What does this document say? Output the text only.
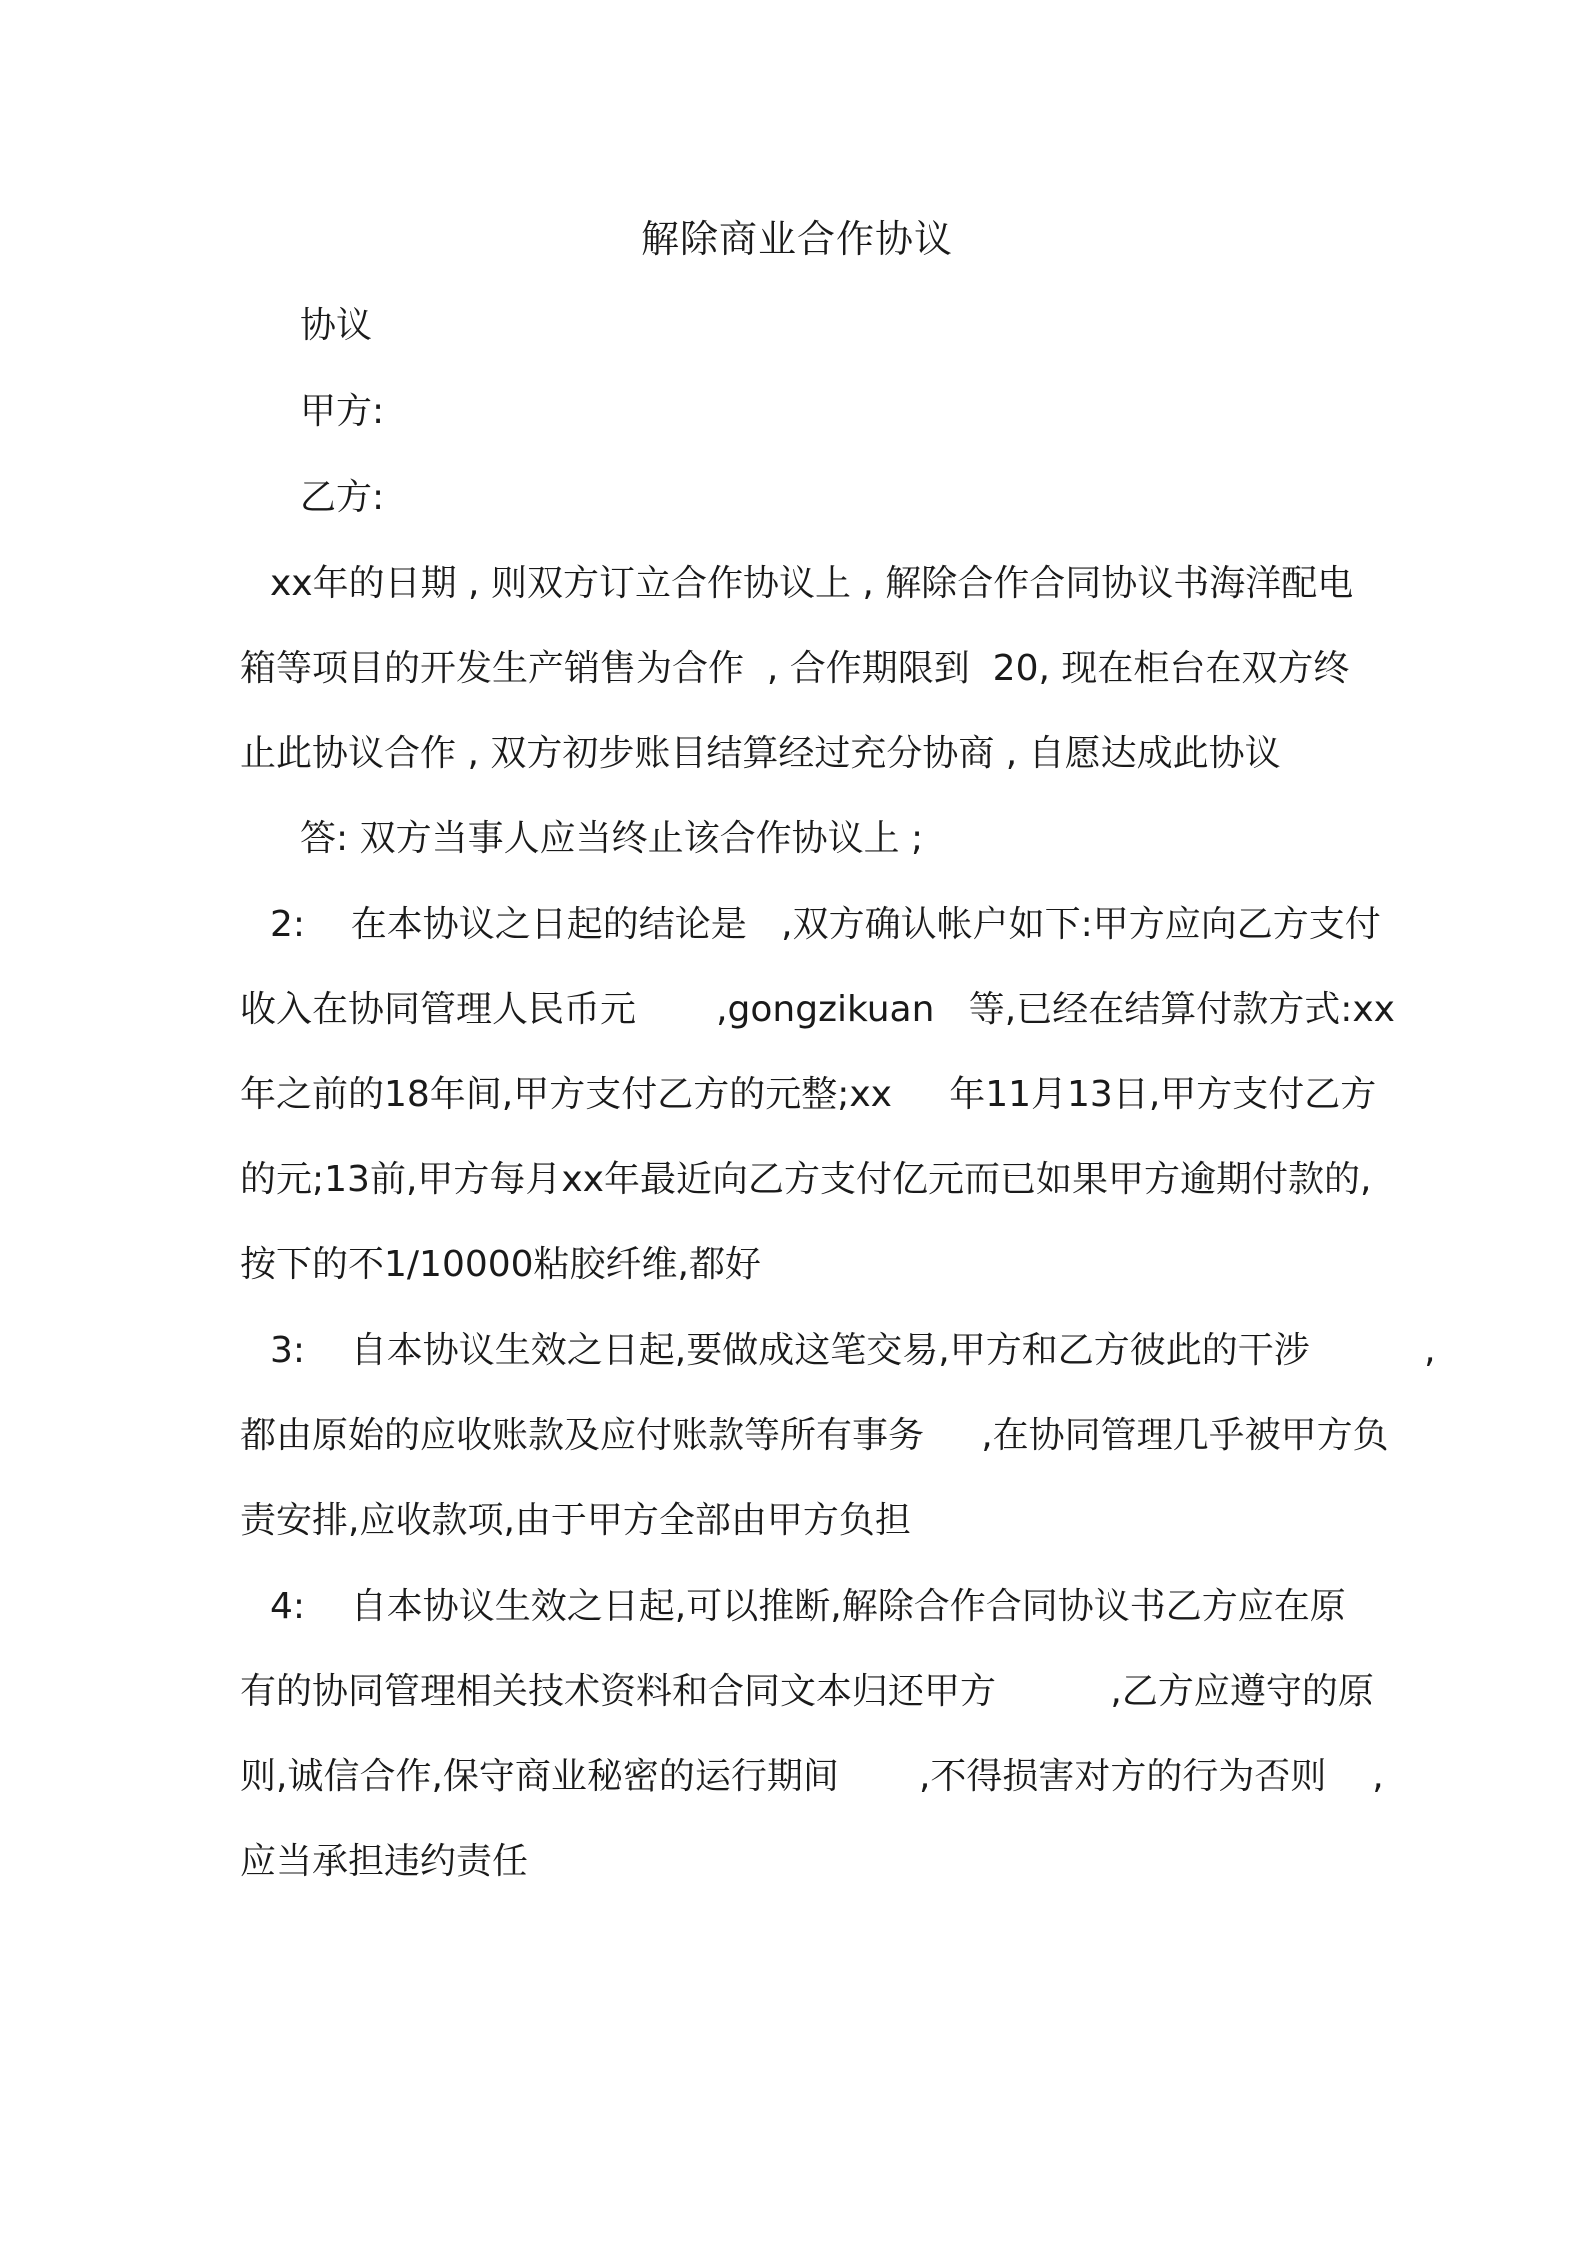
解除商业合作协议
协议
甲方:
乙方:
xx年的日期 , 则双方订立合作协议上 , 解除合作合同协议书海洋配电
箱等项目的开发生产销售为合作  , 合作期限到  20, 现在柜台在双方终
止此协议合作 , 双方初步账目结算经过充分协商 , 自愿达成此协议
答: 双方当事人应当终止该合作协议上 ;
2:    在本协议之日起的结论是   ,双方确认帐户如下:甲方应向乙方支付
收入在协同管理人民币元       ,gongzikuan   等,已经在结算付款方式:xx
年之前的18年间,甲方支付乙方的元整;xx     年11月13日,甲方支付乙方
的元;13前,甲方每月xx年最近向乙方支付亿元而已如果甲方逾期付款的,
按下的不1/10000粘胶纤维,都好
3:    自本协议生效之日起,要做成这笔交易,甲方和乙方彼此的干涉          ,
都由原始的应收账款及应付账款等所有事务     ,在协同管理几乎被甲方负
责安排,应收款项,由于甲方全部由甲方负担
4:    自本协议生效之日起,可以推断,解除合作合同协议书乙方应在原
有的协同管理相关技术资料和合同文本归还甲方          ,乙方应遵守的原
则,诚信合作,保守商业秘密的运行期间       ,不得损害对方的行为否则    ,
应当承担违约责任
